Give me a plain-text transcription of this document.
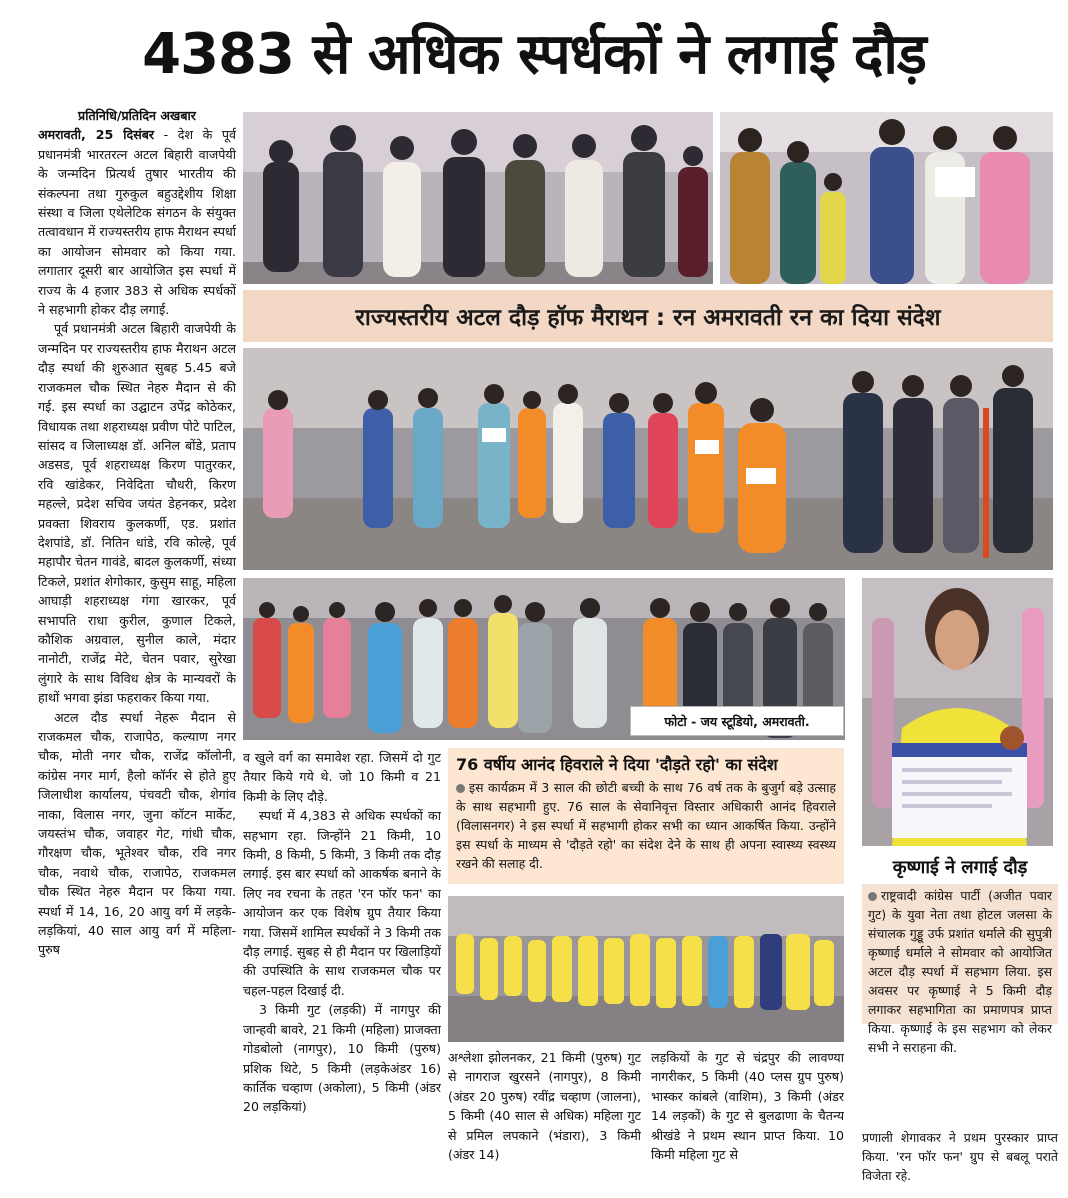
4383 से अधिक स्पर्धकों ने लगाई दौड़

प्रतिनिधि/प्रतिदिन अखबार

अमरावती, 25 दिसंबर - देश के पूर्व प्रधानमंत्री भारतरत्न अटल बिहारी वाजपेयी के जन्मदिन प्रित्यर्थ तुषार भारतीय की संकल्पना तथा गुरुकुल बहुउद्देशीय शिक्षा संस्था व जिला एथेलेटिक संगठन के संयुक्त तत्वावधान में राज्यस्तरीय हाफ मैराथन स्पर्धा का आयोजन सोमवार को किया गया. लगातार दूसरी बार आयोजित इस स्पर्धा में राज्य के 4 हजार 383 से अधिक स्पर्धकों ने सहभागी होकर दौड़ लगाई.

पूर्व प्रधानमंत्री अटल बिहारी वाजपेयी के जन्मदिन पर राज्यस्तरीय हाफ मैराथन अटल दौड़ स्पर्धा की शुरुआत सुबह 5.45 बजे राजकमल चौक स्थित नेहरु मैदान से की गई. इस स्पर्धा का उद्घाटन उपेंद्र कोठेकर, विधायक तथा शहराध्यक्ष प्रवीण पोटे पाटिल, सांसद व जिलाध्यक्ष डॉ. अनिल बोंडे, प्रताप अडसड, पूर्व शहराध्यक्ष किरण पातुरकर, रवि खांडेकर, निवेदिता चौधरी, किरण महल्ले, प्रदेश सचिव जयंत डेहनकर, प्रदेश प्रवक्ता शिवराय कुलकर्णी, एड. प्रशांत देशपांडे, डॉ. नितिन धांडे, रवि कोल्हे, पूर्व महापौर चेतन गावंडे, बादल कुलकर्णी, संध्या टिकले, प्रशांत शेगोकार, कुसुम साहू, महिला आघाड़ी शहराध्यक्ष गंगा खारकर, पूर्व सभापति राधा कुरील, कुणाल टिकले, कौशिक अग्रवाल, सुनील काले, मंदार नानोटी, राजेंद्र मेटे, चेतन पवार, सुरेखा लुंगारे के साथ विविध क्षेत्र के मान्यवरों के हाथों भगवा झंडा फहराकर किया गया.

अटल दौड स्पर्धा नेहरू मैदान से राजकमल चौक, राजापेठ, कल्याण नगर चौक, मोती नगर चौक, राजेंद्र कॉलोनी, कांग्रेस नगर मार्ग, हैलो कॉर्नर से होते हुए जिलाधीश कार्यालय, पंचवटी चौक, शेगांव नाका, विलास नगर, जुना कॉटन मार्केट, जयस्तंभ चौक, जवाहर गेट, गांधी चौक, गौरक्षण चौक, भूतेश्वर चौक, रवि नगर चौक, नवाथे चौक, राजापेठ, राजकमल चौक स्थित नेहरु मैदान पर किया गया. स्पर्धा में 14, 16, 20 आयु वर्ग में लड़के-लड़कियां, 40 साल आयु वर्ग में महिला-पुरुष

राज्यस्तरीय अटल दौड़ हॉफ मैराथन : रन अमरावती रन का दिया संदेश
फोटो - जय स्टूडियो, अमरावती.

व खुले वर्ग का समावेश रहा. जिसमें दो गुट तैयार किये गये थे. जो 10 किमी व 21 किमी के लिए दौड़े.

स्पर्धा में 4,383 से अधिक स्पर्धकों का सहभाग रहा. जिन्होंने 21 किमी, 10 किमी, 8 किमी, 5 किमी, 3 किमी तक दौड़ लगाई. इस बार स्पर्धा को आकर्षक बनाने के लिए नव रचना के तहत 'रन फॉर फन' का आयोजन कर एक विशेष ग्रुप तैयार किया गया. जिसमें शामिल स्पर्धकों ने 3 किमी तक दौड़ लगाई. सुबह से ही मैदान पर खिलाड़ियों की उपस्थिति के साथ राजकमल चौक पर चहल-पहल दिखाई दी.

3 किमी गुट (लड़की) में नागपुर की जान्हवी बावरे, 21 किमी (महिला) प्राजक्ता गोडबोलो (नागपुर), 10 किमी (पुरुष) प्रशिक थिटे, 5 किमी (लड़केअंडर 16) कार्तिक चव्हाण (अकोला), 5 किमी (अंडर 20 लड़कियां)

76 वर्षीय आनंद हिवराले ने दिया 'दौड़ते रहो' का संदेश
इस कार्यक्रम में 3 साल की छोटी बच्ची के साथ 76 वर्ष तक के बुजुर्ग बड़े उत्साह के साथ सहभागी हुए. 76 साल के सेवानिवृत्त विस्तार अधिकारी आनंद हिवराले (विलासनगर) ने इस स्पर्धा में सहभागी होकर सभी का ध्यान आकर्षित किया. उन्होंने इस स्पर्धा के माध्यम से 'दौड़ते रहो' का संदेश देने के साथ ही अपना स्वास्थ्य स्वस्थ्य रखने की सलाह दी.

अश्लेशा झोलनकर, 21 किमी (पुरुष) गुट से नागराज खुरसने (नागपुर), 8 किमी (अंडर 20 पुरुष) रवींद्र चव्हाण (जालना), 5 किमी (40 साल से अधिक) महिला गुट से प्रमिल लपकाने (भंडारा), 3 किमी (अंडर 14)

लड़कियों के गुट से चंद्रपुर की लावण्या नागरीकर, 5 किमी (40 प्लस ग्रुप पुरुष) भास्कर कांबले (वाशिम), 3 किमी (अंडर 14 लड़कों) के गुट से बुलढाणा के चैतन्य श्रीखंडे ने प्रथम स्थान प्राप्त किया. 10 किमी महिला गुट से

कृष्णाई ने लगाई दौड़
राष्ट्रवादी कांग्रेस पार्टी (अजीत पवार गुट) के युवा नेता तथा होटल जलसा के संचालक गुड्डू उर्फ प्रशांत धर्माले की सुपुत्री कृष्णाई धर्माले ने सोमवार को आयोजित अटल दौड़ स्पर्धा में सहभाग लिया. इस अवसर पर कृष्णाई ने 5 किमी दौड़ लगाकर सहभागिता का प्रमाणपत्र प्राप्त किया. कृष्णाई के इस सहभाग को लेकर सभी ने सराहना की.
प्रणाली शेगावकर ने प्रथम पुरस्कार प्राप्त किया. 'रन फॉर फन' ग्रुप से बबलू पराते विजेता रहे.
